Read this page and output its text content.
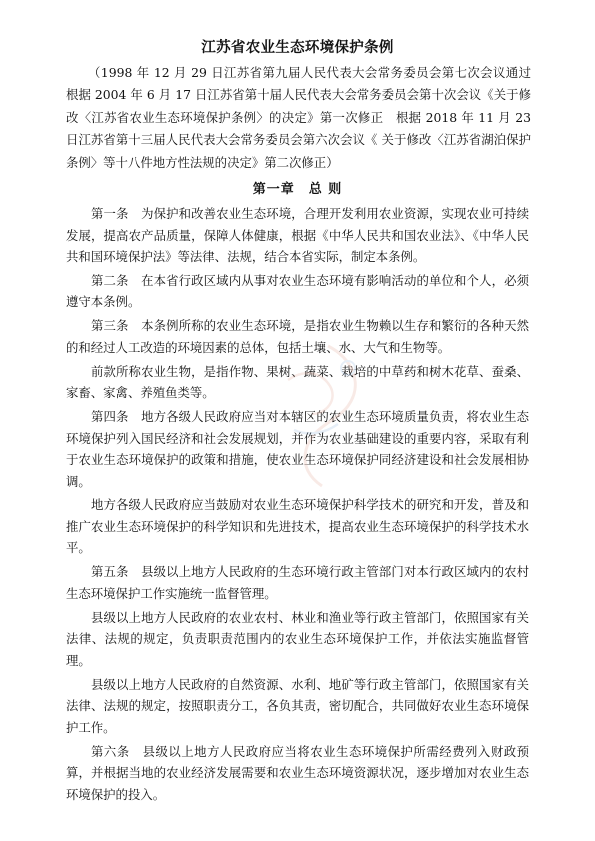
江苏省农业生态环境保护条例

（1998 年 12 月 29 日江苏省第九届人民代表大会常务委员会第七次会议通过　根据 2004 年 6 月 17 日江苏省第十届人民代表大会常务委员会第十次会议《关于修改〈江苏省农业生态环境保护条例〉的决定》第一次修正　根据 2018 年 11 月 23 日江苏省第十三届人民代表大会常务委员会第六次会议《 关于修改〈江苏省湖泊保护条例〉等十八件地方性法规的决定》第二次修正）

第一章　总 则

第一条　为保护和改善农业生态环境，合理开发利用农业资源，实现农业可持续发展，提高农产品质量，保障人体健康，根据《中华人民共和国农业法》、《中华人民共和国环境保护法》等法律、法规，结合本省实际，制定本条例。

第二条　在本省行政区域内从事对农业生态环境有影响活动的单位和个人，必须遵守本条例。

第三条　本条例所称的农业生态环境，是指农业生物赖以生存和繁衍的各种天然的和经过人工改造的环境因素的总体，包括土壤、水、大气和生物等。

前款所称农业生物，是指作物、果树、蔬菜、栽培的中草药和树木花草、蚕桑、家畜、家禽、养殖鱼类等。

第四条　地方各级人民政府应当对本辖区的农业生态环境质量负责，将农业生态环境保护列入国民经济和社会发展规划，并作为农业基础建设的重要内容，采取有利于农业生态环境保护的政策和措施，使农业生态环境保护同经济建设和社会发展相协调。

地方各级人民政府应当鼓励对农业生态环境保护科学技术的研究和开发，普及和推广农业生态环境保护的科学知识和先进技术，提高农业生态环境保护的科学技术水平。

第五条　县级以上地方人民政府的生态环境行政主管部门对本行政区域内的农村生态环境保护工作实施统一监督管理。

县级以上地方人民政府的农业农村、林业和渔业等行政主管部门，依照国家有关法律、法规的规定，负责职责范围内的农业生态环境保护工作，并依法实施监督管理。

县级以上地方人民政府的自然资源、水利、地矿等行政主管部门，依照国家有关法律、法规的规定，按照职责分工，各负其责，密切配合，共同做好农业生态环境保护工作。

第六条　县级以上地方人民政府应当将农业生态环境保护所需经费列入财政预算，并根据当地的农业经济发展需要和农业生态环境资源状况，逐步增加对农业生态环境保护的投入。
